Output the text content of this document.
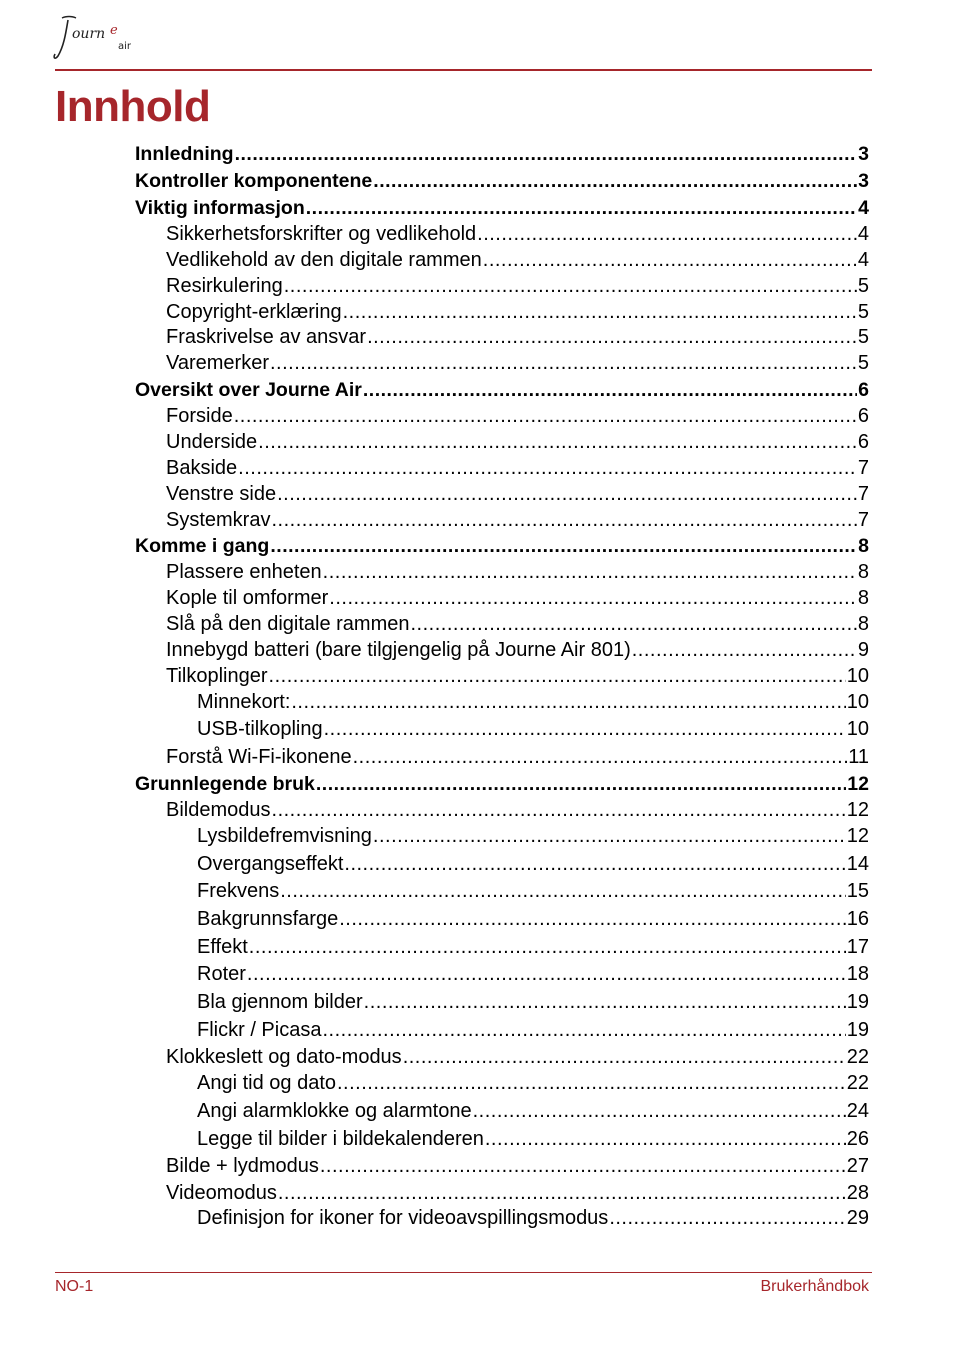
ourn e
air
Innhold
Innledning .....	3
Kontroller komponentene .....	3
Viktig informasjon .....	4
Sikkerhetsforskrifter og vedlikehold .....	4
Vedlikehold av den digitale rammen .....	4
Resirkulering .....	5
Copyright-erklæring .....	5
Fraskrivelse av ansvar .....	5
Varemerker .....	5
Oversikt over Journe Air .....	6
Forside .....	6
Underside .....	6
Bakside .....	7
Venstre side .....	7
Systemkrav .....	7
Komme i gang .....	8
Plassere enheten .....	8
Kople til omformer .....	8
Slå på den digitale rammen .....	8
Innebygd batteri (bare tilgjengelig på Journe Air 801) .....	9
Tilkoplinger .....	10
Minnekort: .....	10
USB-tilkopling .....	10
Forstå Wi-Fi-ikonene .....	11
Grunnlegende bruk .....	12
Bildemodus .....	12
Lysbildefremvisning .....	12
Overgangseffekt .....	14
Frekvens .....	15
Bakgrunnsfarge .....	16
Effekt .....	17
Roter .....	18
Bla gjennom bilder .....	19
Flickr / Picasa .....	19
Klokkeslett og dato-modus .....	22
Angi tid og dato .....	22
Angi alarmklokke og alarmtone .....	24
Legge til bilder i bildekalenderen .....	26
Bilde + lydmodus .....	27
Videomodus .....	28
Definisjon for ikoner for videoavspillingsmodus .....	29
NO-1	Brukerhåndbok
